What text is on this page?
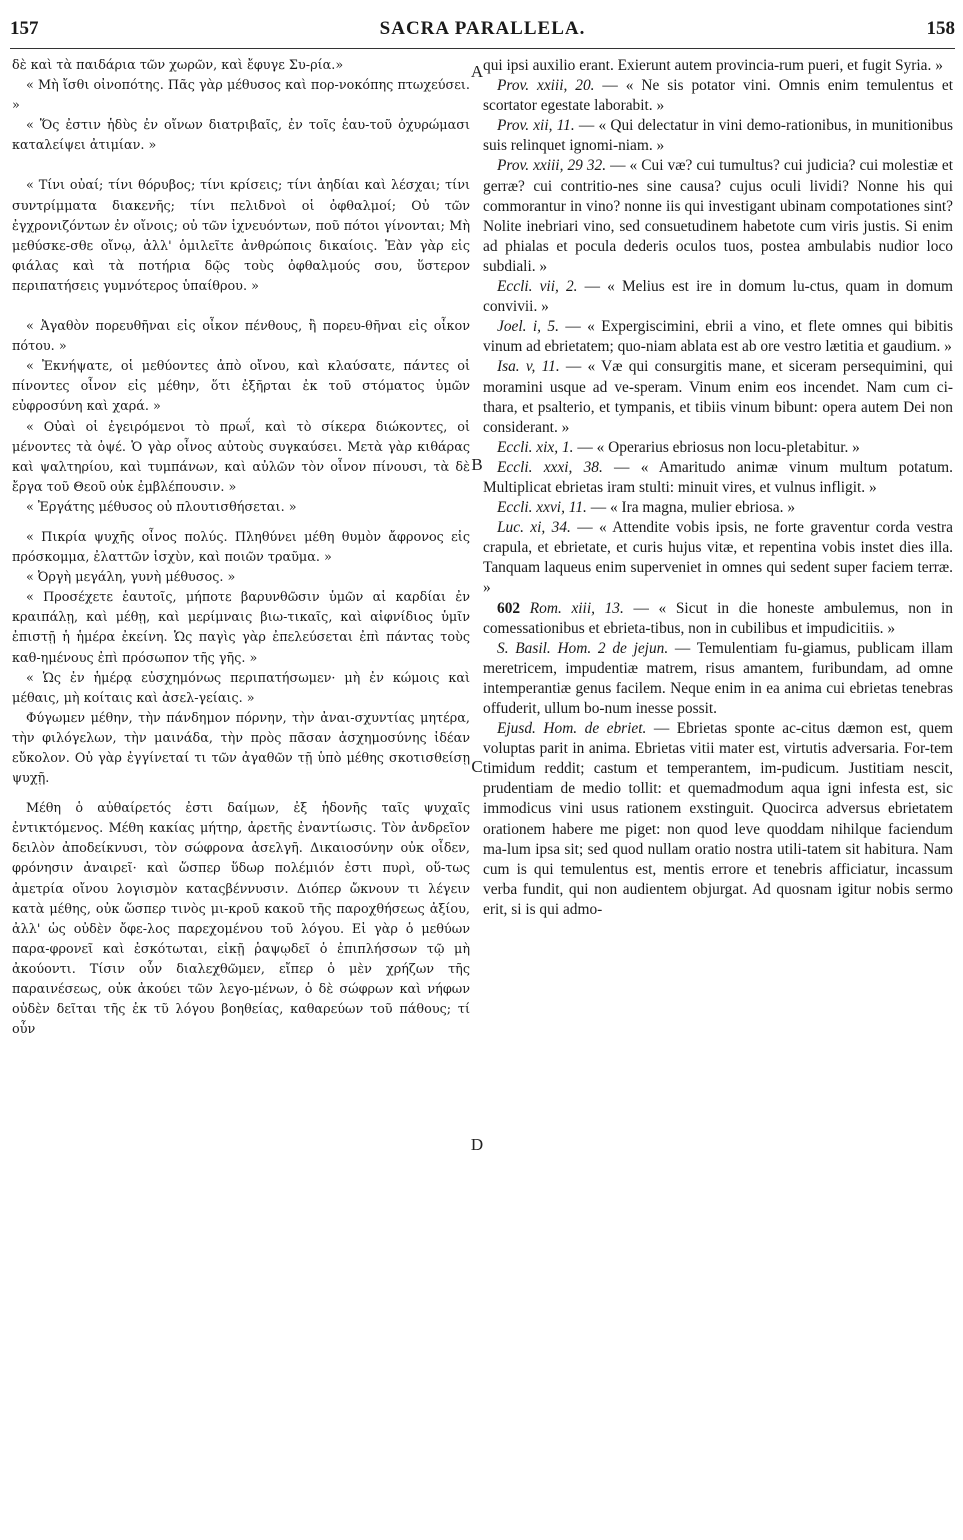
157	SACRA PARALLELA.	158
A
B
C
D

δὲ καὶ τὰ παιδάρια τῶν χωρῶν, καὶ ἔφυγε Συ-ρία.»

« Μὴ ἴσθι οἰνοπότης. Πᾶς γὰρ μέθυσος καὶ πορ-νοκόπης πτωχεύσει. »

« Ὅς ἐστιν ἡδὺς ἐν οἴνων διατριβαῖς, ἐν τοῖς ἑαυ-τοῦ ὀχυρώμασι καταλείψει ἀτιμίαν. »

« Τίνι οὐαί; τίνι θόρυβος; τίνι κρίσεις; τίνι ἀηδίαι καὶ λέσχαι; τίνι συντρίμματα διακενῆς; τίνι πελιδνοὶ οἱ ὀφθαλμοί; Οὐ τῶν ἐγχρονιζόντων ἐν οἴνοις; οὐ τῶν ἰχνευόντων, ποῦ πότοι γίνονται; Μὴ μεθύσκε-σθε οἴνῳ, ἀλλ' ὁμιλεῖτε ἀνθρώποις δικαίοις. Ἐὰν γὰρ εἰς φιάλας καὶ τὰ ποτήρια δῷς τοὺς ὀφθαλμούς σου, ὕστερον περιπατήσεις γυμνότερος ὑπαίθρου. »

« Ἀγαθὸν πορευθῆναι εἰς οἶκον πένθους, ἢ πορευ-θῆναι εἰς οἶκον πότου. »

« Ἐκνήψατε, οἱ μεθύοντες ἀπὸ οἴνου, καὶ κλαύσατε, πάντες οἱ πίνοντες οἶνον εἰς μέθην, ὅτι ἐξῆρται ἐκ τοῦ στόματος ὑμῶν εὐφροσύνη καὶ χαρά. »

« Οὐαὶ οἱ ἐγειρόμενοι τὸ πρωΐ, καὶ τὸ σίκερα διώκοντες, οἱ μένοντες τὰ ὀψέ. Ὁ γὰρ οἶνος αὐτοὺς συγκαύσει. Μετὰ γὰρ κιθάρας καὶ ψαλτηρίου, καὶ τυμπάνων, καὶ αὐλῶν τὸν οἶνον πίνουσι, τὰ δὲ ἔργα τοῦ Θεοῦ οὐκ ἐμβλέπουσιν. »

« Ἐργάτης μέθυσος οὐ πλουτισθήσεται. »

« Πικρία ψυχῆς οἶνος πολύς. Πληθύνει μέθη θυμὸν ἄφρονος εἰς πρόσκομμα, ἐλαττῶν ἰσχὺν, καὶ ποιῶν τραῦμα. »

« Ὀργὴ μεγάλη, γυνὴ μέθυσος. »

« Προσέχετε ἑαυτοῖς, μήποτε βαρυνθῶσιν ὑμῶν αἱ καρδίαι ἐν κραιπάλῃ, καὶ μέθῃ, καὶ μερίμναις βιω-τικαῖς, καὶ αἰφνίδιος ὑμῖν ἐπιστῇ ἡ ἡμέρα ἐκείνη. Ὡς παγὶς γὰρ ἐπελεύσεται ἐπὶ πάντας τοὺς καθ-ημένους ἐπὶ πρόσωπον τῆς γῆς. »

« Ὡς ἐν ἡμέρᾳ εὐσχημόνως περιπατήσωμεν· μὴ ἐν κώμοις καὶ μέθαις, μὴ κοίταις καὶ ἀσελ-γείαις. »

Φύγωμεν μέθην, τὴν πάνδημον πόρνην, τὴν ἀναι-σχυντίας μητέρα, τὴν φιλόγελων, τὴν μαινάδα, τὴν πρὸς πᾶσαν ἀσχημοσύνης ἰδέαν εὔκολον. Οὐ γὰρ ἐγγίνεταί τι τῶν ἀγαθῶν τῇ ὑπὸ μέθης σκοτισθείσῃ ψυχῇ.

Μέθη ὁ αὐθαίρετός ἐστι δαίμων, ἐξ ἡδονῆς ταῖς ψυχαῖς ἐντικτόμενος. Μέθη κακίας μήτηρ, ἀρετῆς ἐναντίωσις. Τὸν ἀνδρεῖον δειλὸν ἀποδείκνυσι, τὸν σώφρονα ἀσελγῆ. Δικαιοσύνην οὐκ οἶδεν, φρόνησιν ἀναιρεῖ· καὶ ὥσπερ ὕδωρ πολέμιόν ἐστι πυρὶ, οὕ-τως ἀμετρία οἴνου λογισμὸν καταςβέννυσιν. Διόπερ ὤκνουν τι λέγειν κατὰ μέθης, οὐκ ὥσπερ τινὸς μι-κροῦ κακοῦ τῆς παροχθήσεως ἀξίου, ἀλλ' ὡς οὐδὲν ὄφε-λος παρεχομένου τοῦ λόγου. Εἰ γὰρ ὁ μεθύων παρα-φρονεῖ καὶ ἐσκότωται, εἰκῇ ῥαψῳδεῖ ὁ ἐπιπλήσσων τῷ μὴ ἀκούοντι. Τίσιν οὖν διαλεχθῶμεν, εἴπερ ὁ μὲν χρήζων τῆς παραινέσεως, οὐκ ἀκούει τῶν λεγο-μένων, ὁ δὲ σώφρων καὶ νήφων οὐδὲν δεῖται τῆς ἐκ τῦ λόγου βοηθείας, καθαρεύων τοῦ πάθους; τί οὖν

qui ipsi auxilio erant. Exierunt autem provincia-rum pueri, et fugit Syria. »

Prov. xxiii, 20. — « Ne sis potator vini. Omnis enim temulentus et scortator egestate laborabit. »

Prov. xii, 11. — « Qui delectatur in vini demo-rationibus, in munitionibus suis relinquet ignomi-niam. »

Prov. xxiii, 29 32. — « Cui væ? cui tumultus? cui judicia? cui molestiæ et gerræ? cui contritio-nes sine causa? cujus oculi lividi? Nonne his qui commorantur in vino? nonne iis qui investigant ubinam compotationes sint? Nolite inebriari vino, sed consuetudinem habetote cum viris justis. Si enim ad phialas et pocula dederis oculos tuos, postea ambulabis nudior loco subdiali. »

Eccli. vii, 2. — « Melius est ire in domum lu-ctus, quam in domum convivii. »

Joel. i, 5. — « Expergiscimini, ebrii a vino, et flete omnes qui bibitis vinum ad ebrietatem; quo-niam ablata est ab ore vestro lætitia et gaudium. »

Isa. v, 11. — « Væ qui consurgitis mane, et siceram persequimini, qui moramini usque ad ve-speram. Vinum enim eos incendet. Nam cum ci-thara, et psalterio, et tympanis, et tibiis vinum bibunt: opera autem Dei non considerant. »

Eccli. xix, 1. — « Operarius ebriosus non locu-pletabitur. »

Eccli. xxxi, 38. — « Amaritudo animæ vinum multum potatum. Multiplicat ebrietas iram stulti: minuit vires, et vulnus infligit. »

Eccli. xxvi, 11. — « Ira magna, mulier ebriosa. »

Luc. xi, 34. — « Attendite vobis ipsis, ne forte graventur corda vestra crapula, et ebrietate, et curis hujus vitæ, et repentina vobis instet dies illa. Tanquam laqueus enim superveniet in omnes qui sedent super faciem terræ. »

602 Rom. xiii, 13. — « Sicut in die honeste ambulemus, non in comessationibus et ebrieta-tibus, non in cubilibus et impudicitiis. »

S. Basil. Hom. 2 de jejun. — Temulentiam fu-giamus, publicam illam meretricem, impudentiæ matrem, risus amantem, furibundam, ad omne intemperantiæ genus facilem. Neque enim in ea anima cui ebrietas tenebras offuderit, ullum bo-num inesse possit.

Ejusd. Hom. de ebriet. — Ebrietas sponte ac-citus dæmon est, quem voluptas parit in anima. Ebrietas vitii mater est, virtutis adversaria. For-tem timidum reddit; castum et temperantem, im-pudicum. Justitiam nescit, prudentiam de medio tollit: et quemadmodum aqua igni infesta est, sic immodicus vini usus rationem exstinguit. Quocirca adversus ebrietatem orationem habere me piget: non quod leve quoddam nihilque faciendum ma-lum ipsa sit; sed quod nullam oratio nostra utili-tatem sit habitura. Nam cum is qui temulentus est, mentis errore et tenebris afficiatur, incassum verba fundit, qui non audientem objurgat. Ad quosnam igitur nobis sermo erit, si is qui admo-
